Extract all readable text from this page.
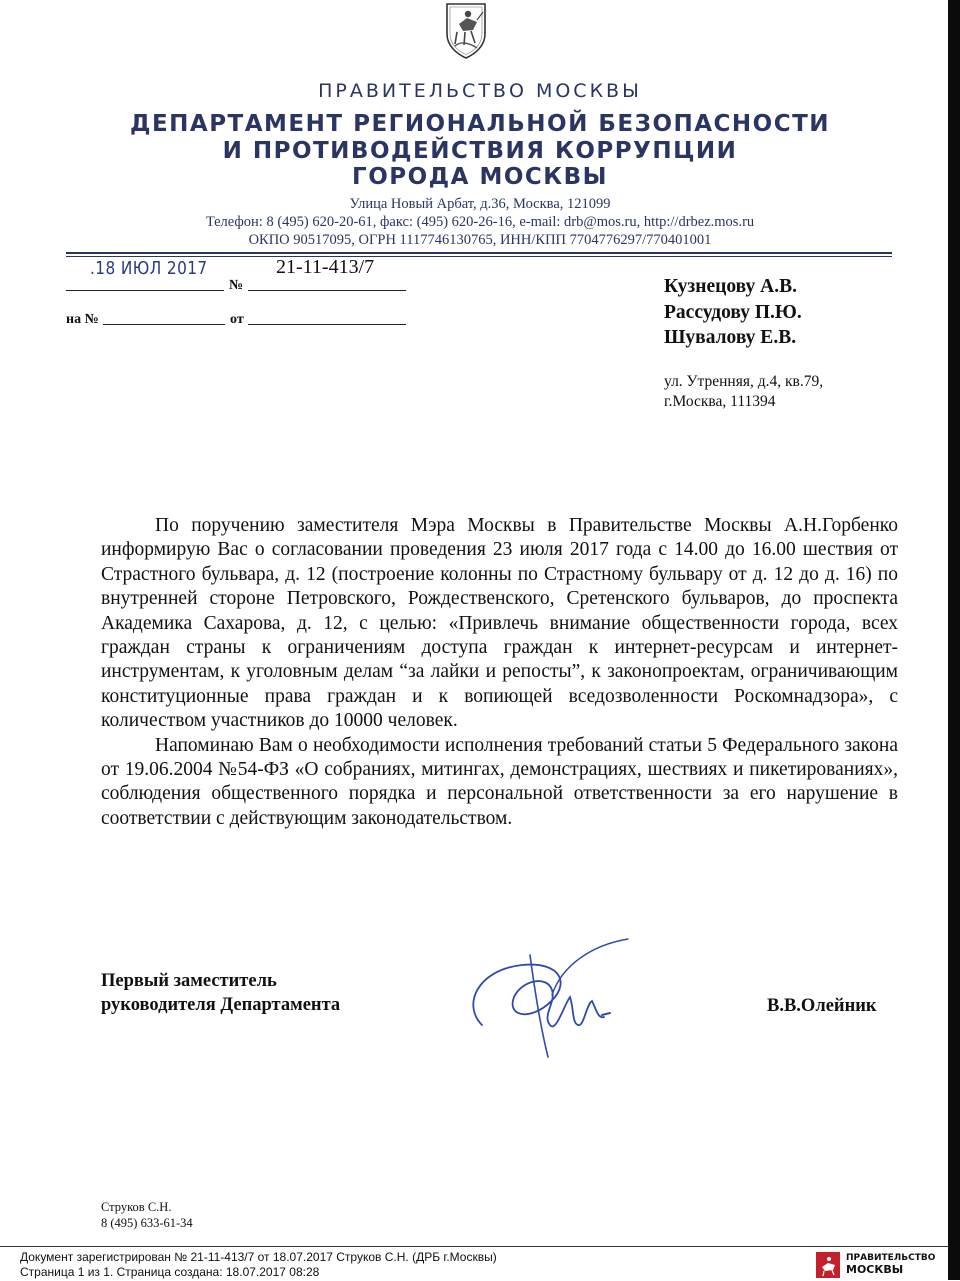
ПРАВИТЕЛЬСТВО МОСКВЫ
ДЕПАРТАМЕНТ РЕГИОНАЛЬНОЙ БЕЗОПАСНОСТИ
И ПРОТИВОДЕЙСТВИЯ КОРРУПЦИИ
ГОРОДА МОСКВЫ
Улица Новый Арбат, д.36, Москва, 121099
Телефон: 8 (495) 620-20-61, факс: (495) 620-26-16, e-mail: drb@mos.ru, http://drbez.mos.ru
ОКПО 90517095, ОГРН 1117746130765, ИНН/КПП 7704776297/770401001
.18 ИЮЛ 2017	21-11-413/7
№
на №	от
Кузнецову А.В.
Рассудову П.Ю.
Шувалову Е.В.
ул. Утренняя, д.4, кв.79,
г.Москва, 111394

По поручению заместителя Мэра Москвы в Правительстве Москвы А.Н.Горбенко информирую Вас о согласовании проведения 23 июля 2017 года с 14.00 до 16.00 шествия от Страстного бульвара, д. 12 (построение колонны по Страстному бульвару от д. 12 до д. 16) по внутренней стороне Петровского, Рождественского, Сретенского бульваров, до проспекта Академика Сахарова, д. 12, с целью: «Привлечь внимание общественности города, всех граждан страны к ограничениям доступа граждан к интернет-ресурсам и интернет-инструментам, к уголовным делам “за лайки и репосты”, к законопроектам, ограничивающим конституционные права граждан и к вопиющей вседозволенности Роскомнадзора», с количеством участников до 10000 человек.

Напоминаю Вам о необходимости исполнения требований статьи 5 Федерального закона от 19.06.2004 №54-ФЗ «О собраниях, митингах, демонстрациях, шествиях и пикетированиях», соблюдения общественного порядка и персональной ответственности за его нарушение в соответствии с действующим законодательством.

Первый заместитель
руководителя Департамента	В.В.Олейник
Струков С.Н.
8 (495) 633-61-34
Документ зарегистрирован № 21-11-413/7 от 18.07.2017 Струков С.Н. (ДРБ г.Москвы)
Страница 1 из 1. Страница создана: 18.07.2017 08:28
ПРАВИТЕЛЬСТВО
МОСКВЫ
